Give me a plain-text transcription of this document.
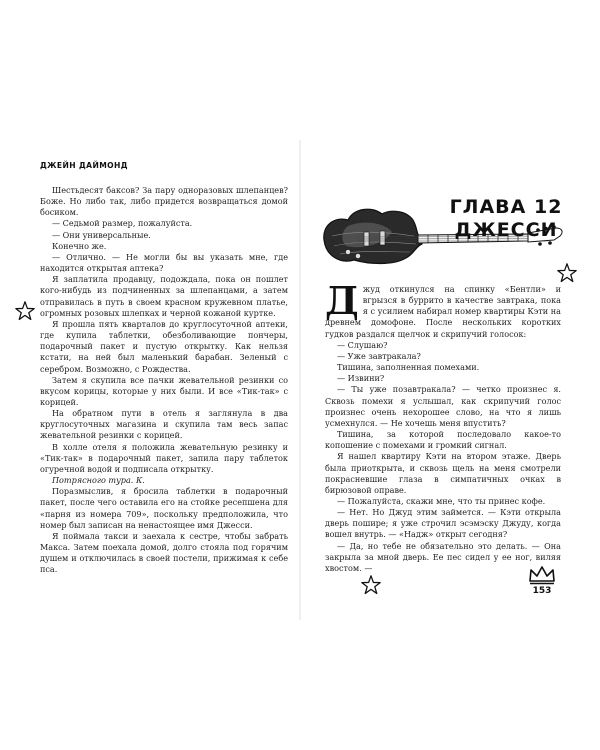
ДЖЕЙН ДАЙМОНД

Шестьдесят баксов? За пару одноразовых шлепанцев? Боже. Но либо так, либо придется возвращаться домой босиком.

— Седьмой размер, пожалуйста.

— Они универсальные.

Конечно же.

— Отлично. — Не могли бы вы указать мне, где находится открытая аптека?

Я заплатила продавцу, подождала, пока он пошлет кого-нибудь из подчиненных за шлепанцами, а затем отправилась в путь в своем красном кружевном платье, огромных розовых шлепках и черной кожаной куртке.

Я прошла пять кварталов до круглосуточной аптеки, где купила таблетки, обезболивающие пончеры, подарочный пакет и пустую открытку. Как нельзя кстати, на ней был маленький барабан. Зеленый с серебром. Возможно, с Рождества.

Затем я скупила все пачки жевательной резинки со вкусом корицы, которые у них были. И все «Тик-так» с корицей.

На обратном пути в отель я заглянула в два круглосуточных магазина и скупила там весь запас жевательной резинки с корицей.

В холле отеля я положила жевательную резинку и «Тик-так» в подарочный пакет, запила пару таблеток огуречной водой и подписала открытку.

Потрясного тура. К.

Поразмыслив, я бросила таблетки в подарочный пакет, после чего оставила его на стойке ресепшена для «парня из номера 709», поскольку предположила, что номер был записан на ненастоящее имя Джесси.

Я поймала такси и заехала к сестре, чтобы забрать Макса. Затем поехала домой, долго стояла под горячим душем и отключилась в своей постели, прижимая к себе пса.

ГЛАВА 12
ДЖЕССИ

Джуд откинулся на спинку «Бентли» и вгрызся в буррито в качестве завтрака, пока я с усилием набирал номер квартиры Кэти на древнем домофоне. После нескольких коротких гудков раздался щелчок и скрипучий голосок:

— Слушаю?

— Уже завтракала?

Тишина, заполненная помехами.

— Извини?

— Ты уже позавтракала? — четко произнес я. Сквозь помехи я услышал, как скрипучий голос произнес очень нехорошее слово, на что я лишь усмехнулся. — Не хочешь меня впустить?

Тишина, за которой последовало какое-то копошение с помехами и громкий сигнал.

Я нашел квартиру Кэти на втором этаже. Дверь была приоткрыта, и сквозь щель на меня смотрели покрасневшие глаза в симпатичных очках в бирюзовой оправе.

— Пожалуйста, скажи мне, что ты принес кофе.

— Нет. Но Джуд этим займется. — Кэти открыла дверь пошире; я уже строчил эсэмэску Джуду, когда вошел внутрь. — «Надж» открыт сегодня?

— Да, но тебе не обязательно это делать. — Она закрыла за мной дверь. Ее пес сидел у ее ног, виляя хвостом. —

153
